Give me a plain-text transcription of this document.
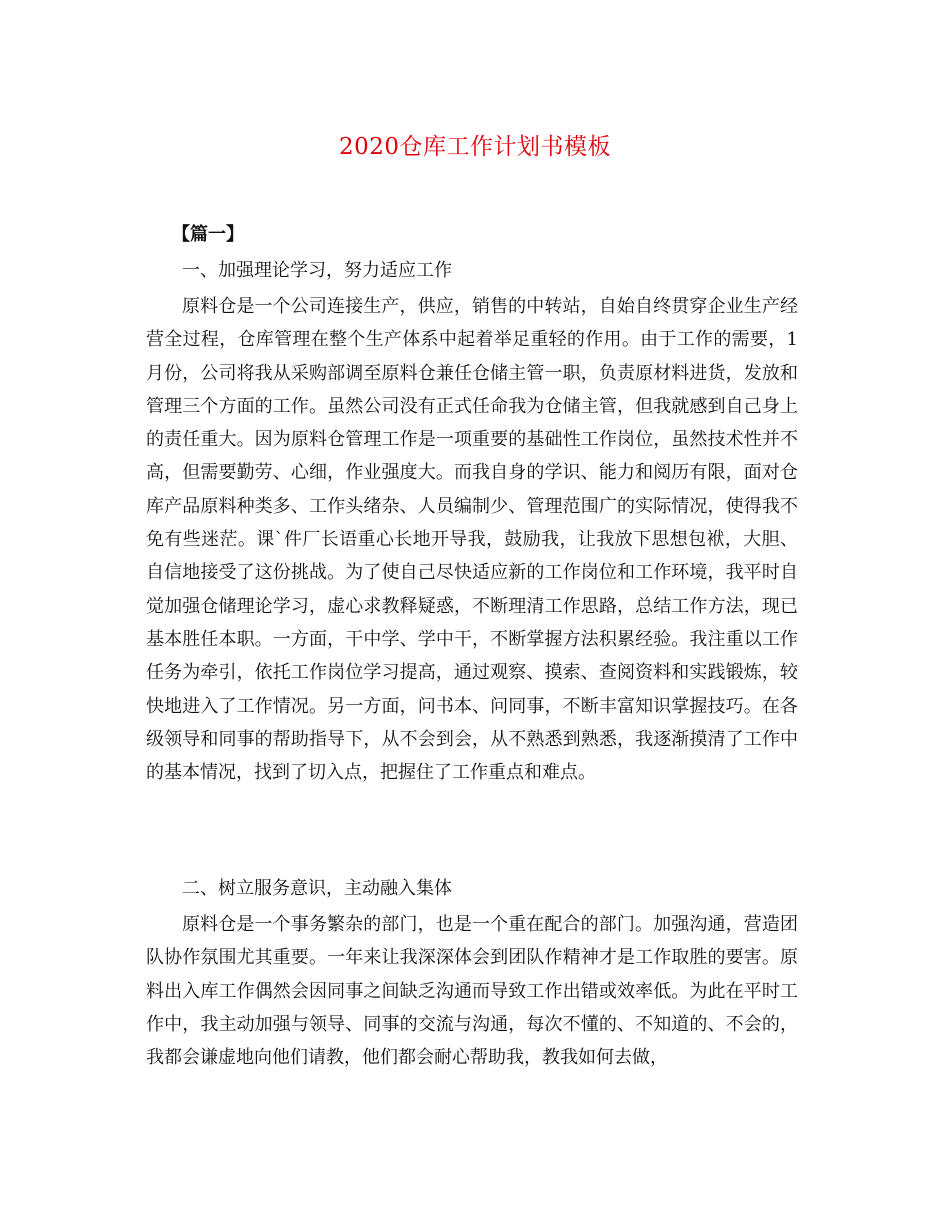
2020仓库工作计划书模板
【篇一】
一、加强理论学习，努力适应工作

原料仓是一个公司连接生产，供应，销售的中转站，自始自终贯穿企业生产经营全过程，仓库管理在整个生产体系中起着举足重轻的作用。由于工作的需要，1月份，公司将我从采购部调至原料仓兼任仓储主管一职，负责原材料进货，发放和管理三个方面的工作。虽然公司没有正式任命我为仓储主管，但我就感到自己身上的责任重大。因为原料仓管理工作是一项重要的基础性工作岗位，虽然技术性并不高，但需要勤劳、心细，作业强度大。而我自身的学识、能力和阅历有限，面对仓库产品原料种类多、工作头绪杂、人员编制少、管理范围广的实际情况，使得我不免有些迷茫。课`件厂长语重心长地开导我，鼓励我，让我放下思想包袱，大胆、自信地接受了这份挑战。为了使自己尽快适应新的工作岗位和工作环境，我平时自觉加强仓储理论学习，虚心求教释疑惑，不断理清工作思路，总结工作方法，现已基本胜任本职。一方面，干中学、学中干，不断掌握方法积累经验。我注重以工作任务为牵引，依托工作岗位学习提高，通过观察、摸索、查阅资料和实践锻炼，较快地进入了工作情况。另一方面，问书本、问同事，不断丰富知识掌握技巧。在各级领导和同事的帮助指导下，从不会到会，从不熟悉到熟悉，我逐渐摸清了工作中的基本情况，找到了切入点，把握住了工作重点和难点。

二、树立服务意识，主动融入集体

原料仓是一个事务繁杂的部门，也是一个重在配合的部门。加强沟通，营造团队协作氛围尤其重要。一年来让我深深体会到团队作精神才是工作取胜的要害。原料出入库工作偶然会因同事之间缺乏沟通而导致工作出错或效率低。为此在平时工作中，我主动加强与领导、同事的交流与沟通，每次不懂的、不知道的、不会的，我都会谦虚地向他们请教，他们都会耐心帮助我，教我如何去做，
